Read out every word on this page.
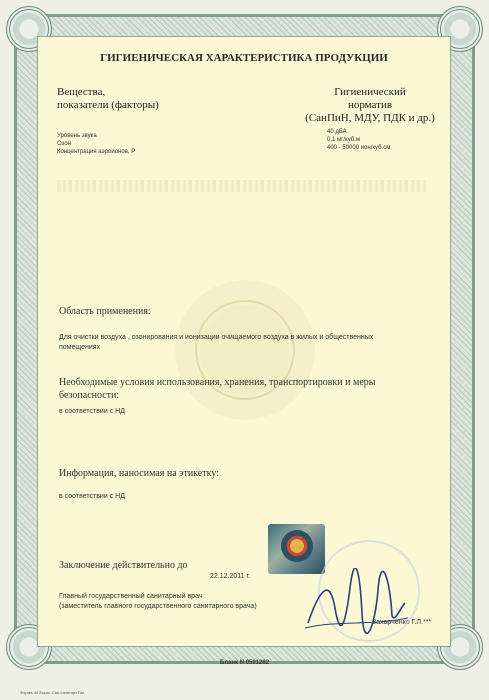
ГИГИЕНИЧЕСКАЯ ХАРАКТЕРИСТИКА ПРОДУКЦИИ
Вещества,
показатели (факторы)
Гигиенический
норматив
(СанПиН, МДУ, ПДК и др.)
Уровень звука
Озон
Концентрация аэроионов, P
40 дБА
0,1 мг/куб.м
400 - 50000 ион/куб.см
Область применения:
Для очистки воздуха , озонирования и ионизации очищаемого воздуха в жилых и общественных
помещениях
Необходимые условия использования, хранения, транспортировки и меры
безопасности:
в соответствии с НД
Информация, наносимая на этикетку:
в соответствии с НД
Заключение действительно до
22.12.2011 г.
Главный государственный санитарный врач
(заместитель главного государственного санитарного врача)
Захарченко Г.Л.***
Бланк N 0591282
Форма 44 Заказ. Сан.санитарт.Тип.
